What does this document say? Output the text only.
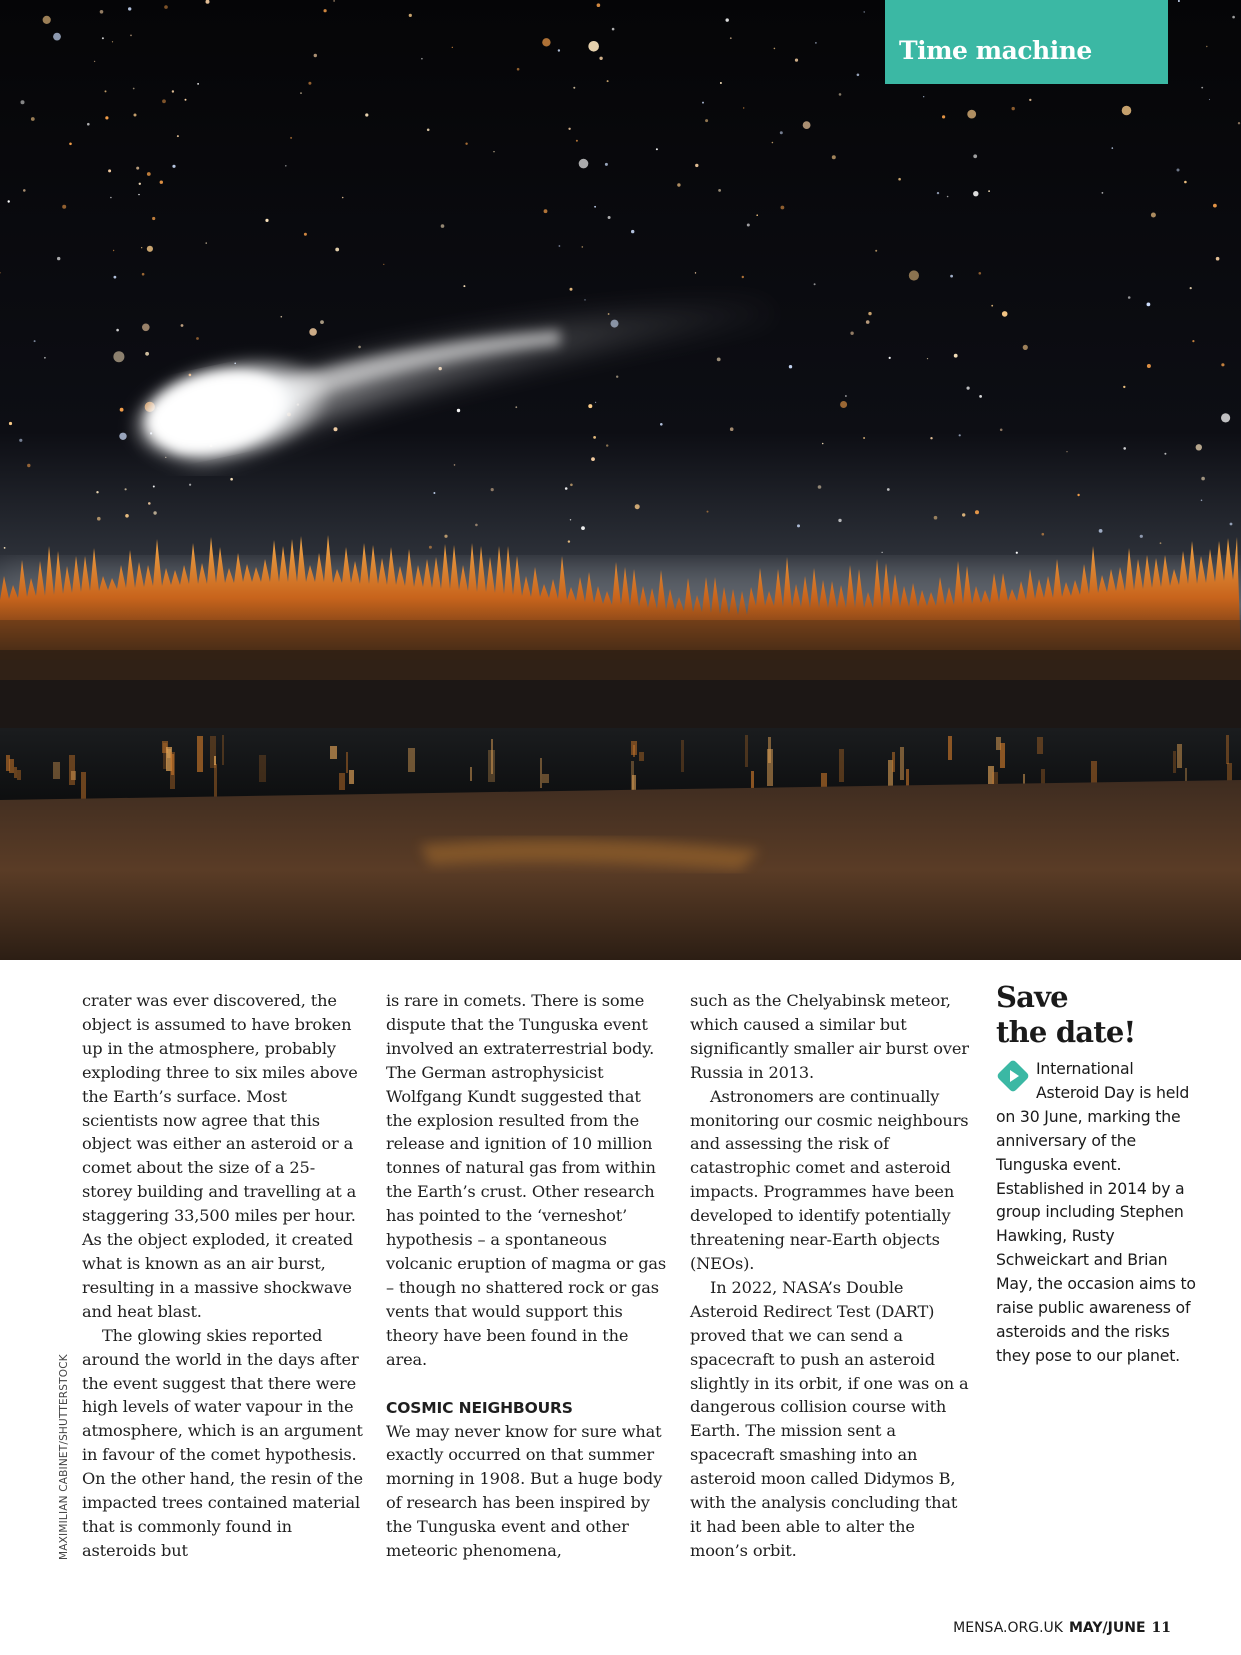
Time machine
MAXIMILIAN CABINET/SHUTTERSTOCK

crater was ever discovered, the object is assumed to have broken up in the atmosphere, probably exploding three to six miles above the Earth’s surface. Most scientists now agree that this object was either an asteroid or a comet about the size of a 25-storey building and travelling at a staggering 33,500 miles per hour. As the object exploded, it created what is known as an air burst, resulting in a massive shockwave and heat blast.

The glowing skies reported around the world in the days after the event suggest that there were high levels of water vapour in the atmosphere, which is an argument in favour of the comet hypothesis. On the other hand, the resin of the impacted trees contained material that is commonly found in asteroids but

is rare in comets. There is some dispute that the Tunguska event involved an extraterrestrial body. The German astrophysicist Wolfgang Kundt suggested that the explosion resulted from the release and ignition of 10 million tonnes of natural gas from within the Earth’s crust. Other research has pointed to the ‘verneshot’ hypothesis – a spontaneous volcanic eruption of magma or gas – though no shattered rock or gas vents that would support this theory have been found in the area.

COSMIC NEIGHBOURS

We may never know for sure what exactly occurred on that summer morning in 1908. But a huge body of research has been inspired by the Tunguska event and other meteoric phenomena,

such as the Chelyabinsk meteor, which caused a similar but significantly smaller air burst over Russia in 2013.

Astronomers are continually monitoring our cosmic neighbours and assessing the risk of catastrophic comet and asteroid impacts. Programmes have been developed to identify potentially threatening near-Earth objects (NEOs).

In 2022, NASA’s Double Asteroid Redirect Test (DART) proved that we can send a spacecraft to push an asteroid slightly in its orbit, if one was on a dangerous collision course with Earth. The mission sent a spacecraft smashing into an asteroid moon called Didymos B, with the analysis concluding that it had been able to alter the moon’s orbit.

Save
the date!

International Asteroid Day is held on 30 June, marking the anniversary of the Tunguska event. Established in 2014 by a group including Stephen Hawking, Rusty Schweickart and Brian May, the occasion aims to raise public awareness of asteroids and the risks they pose to our planet.

MENSA.ORG.UK MAY/JUNE 11
